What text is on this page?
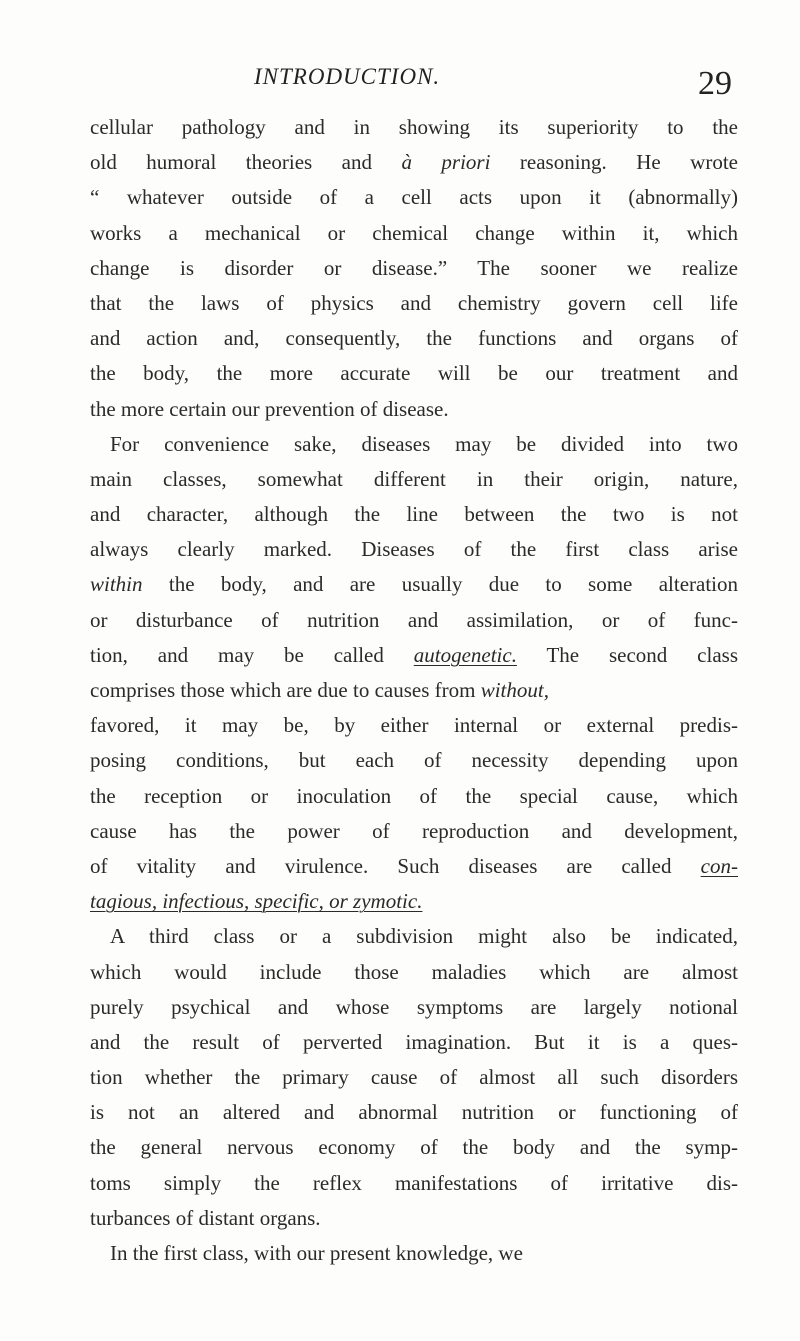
INTRODUCTION.	29
cellular pathology and in showing its superiority to the
old humoral theories and à priori reasoning. He wrote
“ whatever outside of a cell acts upon it (abnormally)
works a mechanical or chemical change within it, which
change is disorder or disease.” The sooner we realize
that the laws of physics and chemistry govern cell life
and action and, consequently, the functions and organs of
the body, the more accurate will be our treatment and
the more certain our prevention of disease.
For convenience sake, diseases may be divided into two
main classes, somewhat different in their origin, nature,
and character, although the line between the two is not
always clearly marked. Diseases of the first class arise
within the body, and are usually due to some alteration
or disturbance of nutrition and assimilation, or of func-
tion, and may be called autogenetic. The second class
comprises those which are due to causes from without,
favored, it may be, by either internal or external predis-
posing conditions, but each of necessity depending upon
the reception or inoculation of the special cause, which
cause has the power of reproduction and development,
of vitality and virulence. Such diseases are called con-
tagious, infectious, specific, or zymotic.
A third class or a subdivision might also be indicated,
which would include those maladies which are almost
purely psychical and whose symptoms are largely notional
and the result of perverted imagination. But it is a ques-
tion whether the primary cause of almost all such disorders
is not an altered and abnormal nutrition or functioning of
the general nervous economy of the body and the symp-
toms simply the reflex manifestations of irritative dis-
turbances of distant organs.
In the first class, with our present knowledge, we
